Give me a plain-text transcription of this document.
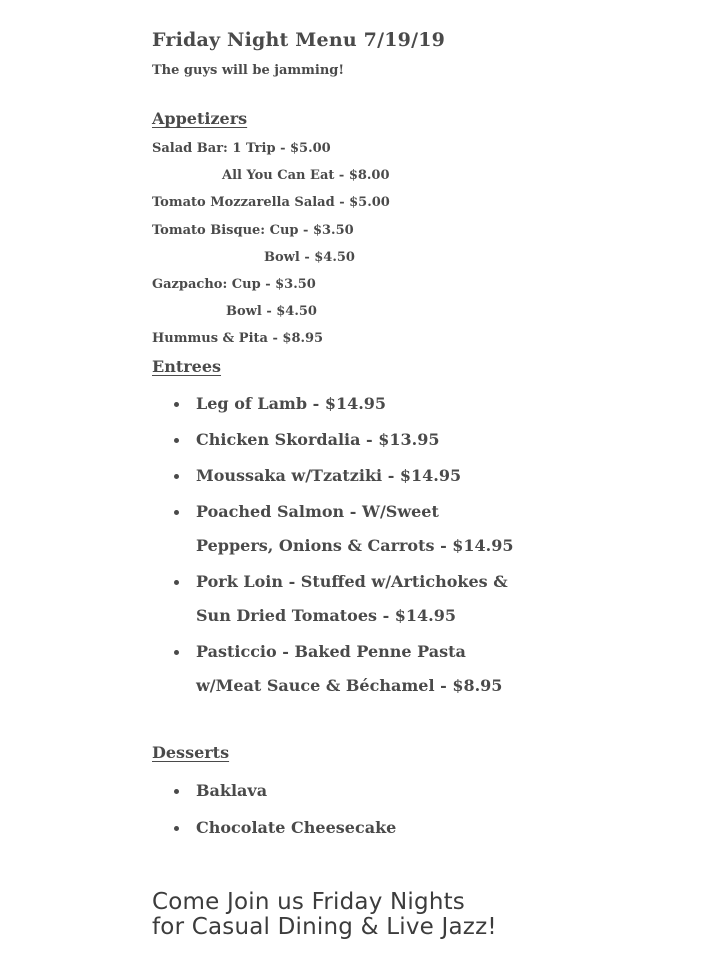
Friday Night Menu 7/19/19
The guys will be jamming!
Appetizers
Salad Bar: 1 Trip - $5.00
All You Can Eat - $8.00
Tomato Mozzarella Salad - $5.00
Tomato Bisque: Cup - $3.50
Bowl - $4.50
Gazpacho: Cup - $3.50
Bowl - $4.50
Hummus & Pita - $8.95
Entrees
Leg of Lamb - $14.95
Chicken Skordalia - $13.95
Moussaka w/Tzatziki - $14.95
Poached Salmon - W/Sweet
Peppers, Onions & Carrots - $14.95
Pork Loin - Stuffed w/Artichokes &
Sun Dried Tomatoes - $14.95
Pasticcio - Baked Penne Pasta
w/Meat Sauce & Béchamel - $8.95
Desserts
Baklava
Chocolate Cheesecake
Come Join us Friday Nights
for Casual Dining & Live Jazz!
